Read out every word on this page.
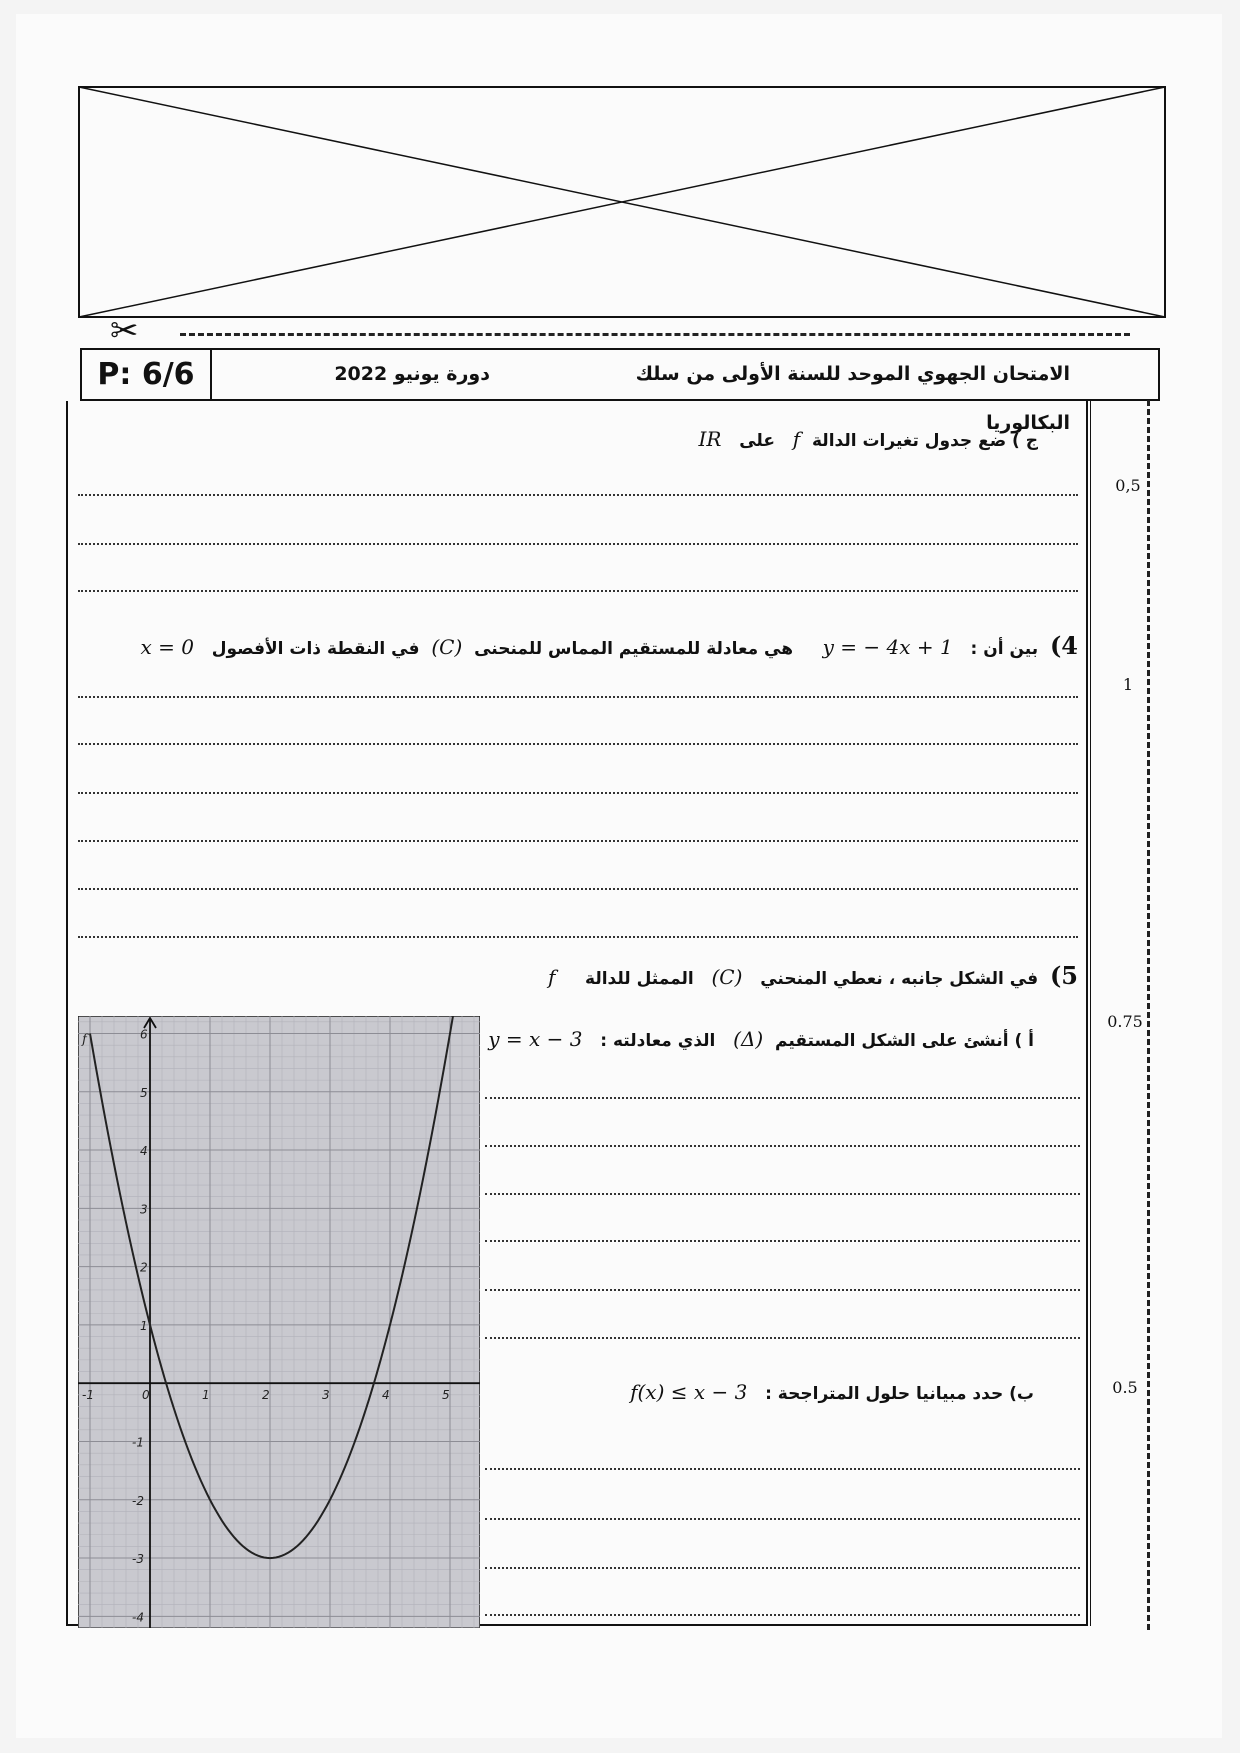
✂
P: 6/6	الامتحان الجهوي الموحد للسنة الأولى من سلك البكالوريا
دورة يونيو 2022
ج ) ضع جدول تغيرات الدالة  f   على   IR
0,5
4)  بين أن :   y = − 4x + 1     هي معادلة للمستقيم المماس للمنحنى  (C)  في النقطة ذات الأفصول   x = 0
1
5)  في الشكل جانبه ، نعطي المنحني   (C)   الممثل للدالة     f
أ ) أنشئ على الشكل المستقيم  (Δ)   الذي معادلته :   y = x − 3
0.75
ب) حدد مبيانيا حلول المتراجحة :   f(x) ≤ x − 3	0.5
-1	0	1	2	3	4	5
6
5
4
3
2
1
-1
-2
-3
-4
f
